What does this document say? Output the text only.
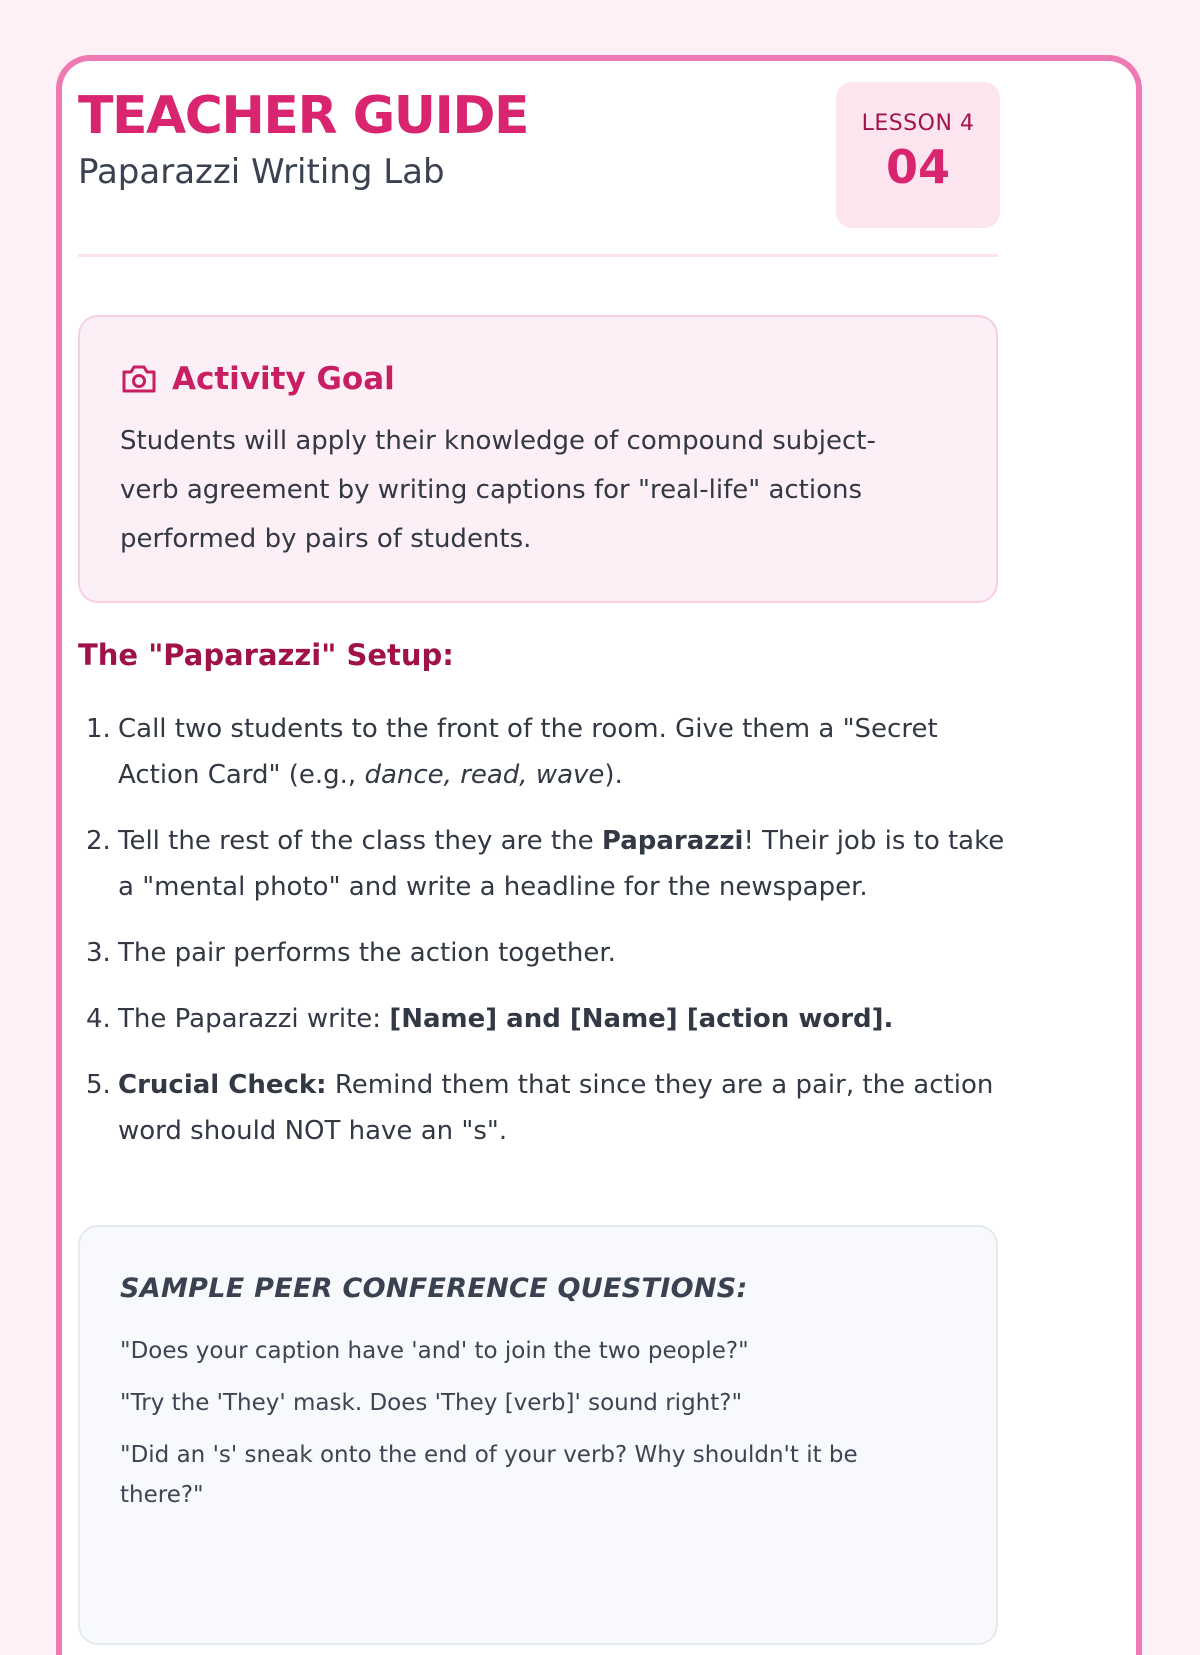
TEACHER GUIDE
Paparazzi Writing Lab
LESSON 4
04
Activity Goal
Students will apply their knowledge of compound subject-verb agreement by writing captions for "real-life" actions performed by pairs of students.
The "Paparazzi" Setup:
1. Call two students to the front of the room. Give them a "Secret Action Card" (e.g., dance, read, wave).
2. Tell the rest of the class they are the Paparazzi! Their job is to take a "mental photo" and write a headline for the newspaper.
3. The pair performs the action together.
4. The Paparazzi write: [Name] and [Name] [action word].
5. Crucial Check: Remind them that since they are a pair, the action word should NOT have an "s".
SAMPLE PEER CONFERENCE QUESTIONS:

"Does your caption have 'and' to join the two people?"

"Try the 'They' mask. Does 'They [verb]' sound right?"

"Did an 's' sneak onto the end of your verb? Why shouldn't it be there?"
